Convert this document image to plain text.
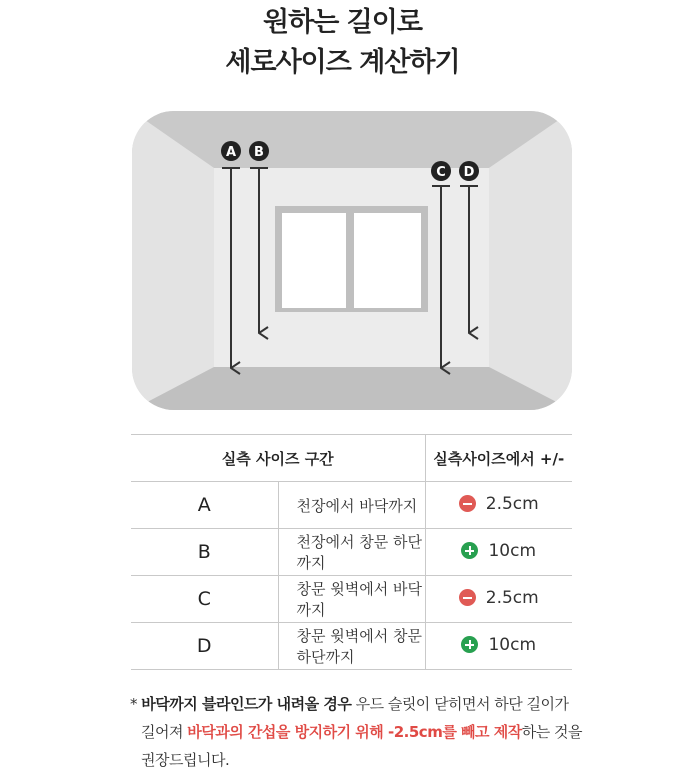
원하는 길이로
세로사이즈 계산하기
A B
C D
실측 사이즈 구간		실측사이즈에서 +/-
A	천장에서 바닥까지	2.5cm

B	천장에서 창문 하단까지	10cm

C	창문 윗벽에서 바닥까지	2.5cm

D	창문 윗벽에서 창문 하단까지	10cm
* 바닥까지 블라인드가 내려올 경우 우드 슬릿이 닫히면서 하단 길이가
길어져 바닥과의 간섭을 방지하기 위해 -2.5cm를 빼고 제작하는 것을
권장드립니다.
